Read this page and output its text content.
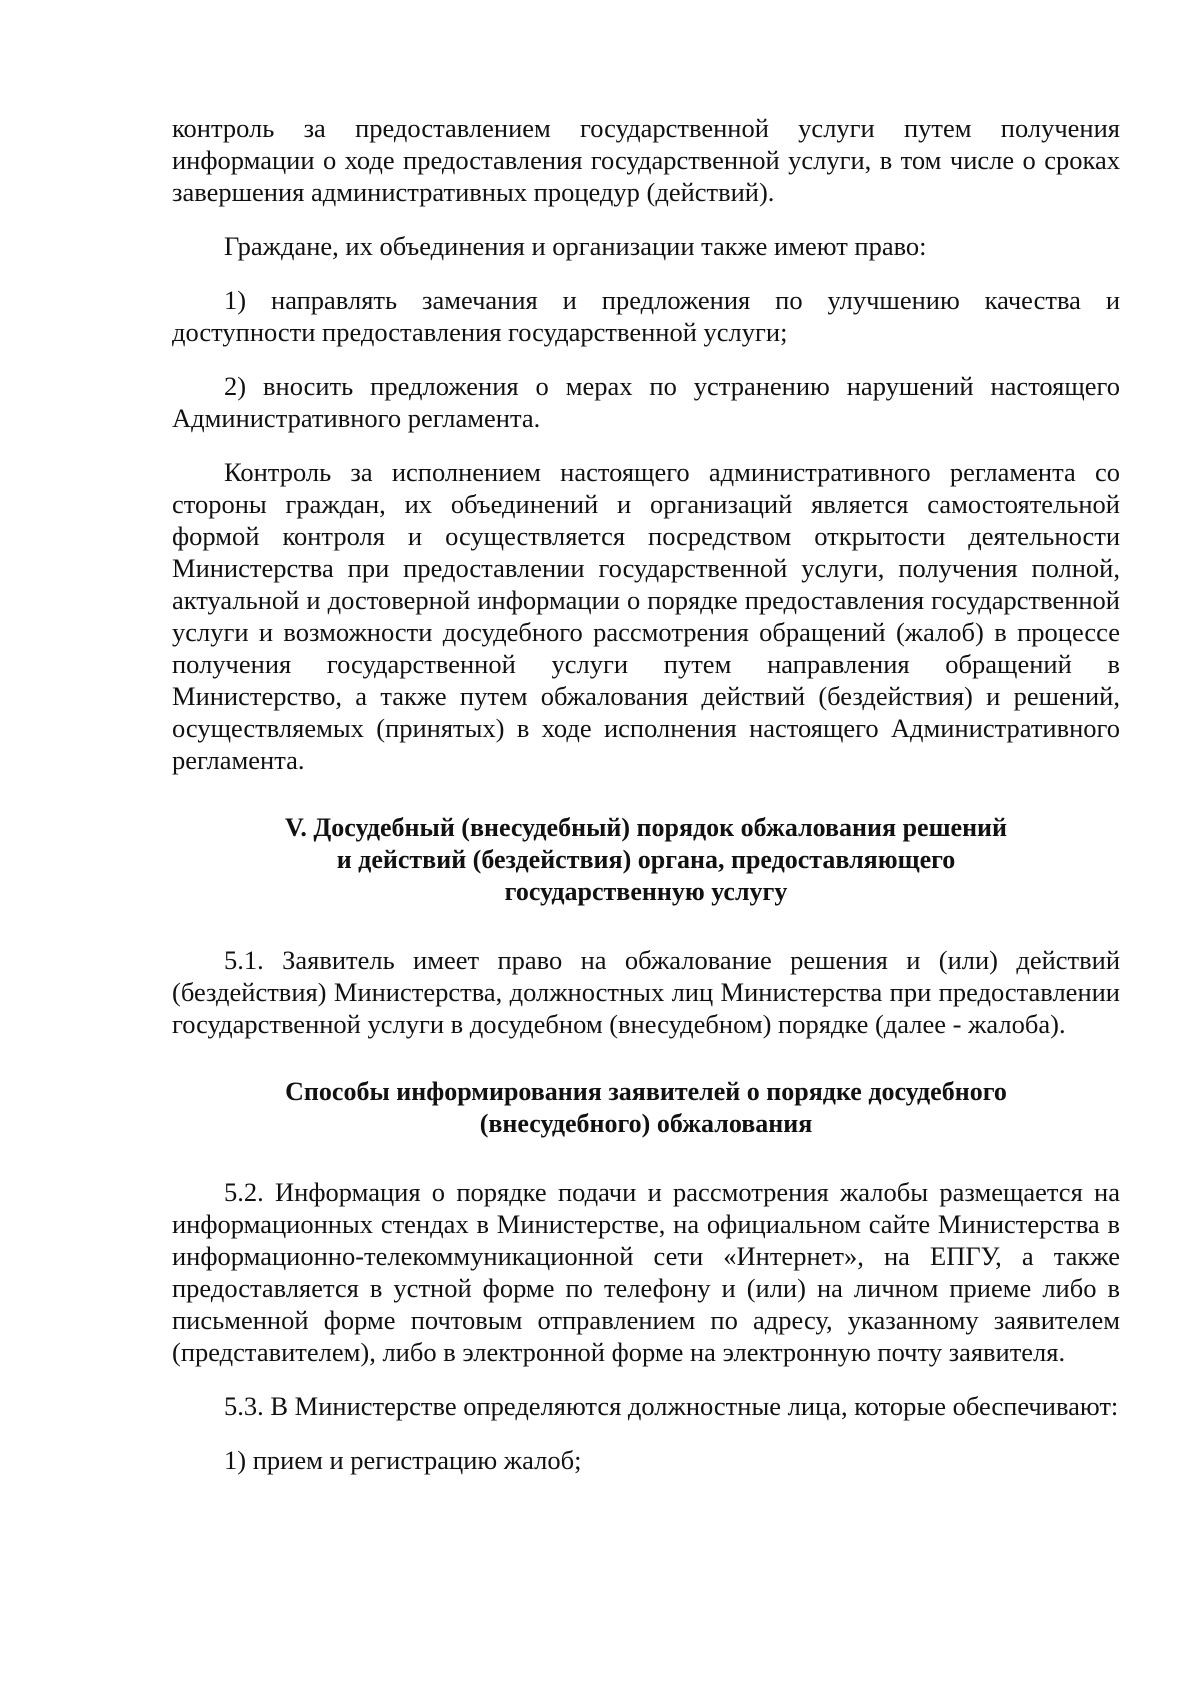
контроль за предоставлением государственной услуги путем получения информации о ходе предоставления государственной услуги, в том числе о сроках завершения административных процедур (действий).

Граждане, их объединения и организации также имеют право:

1) направлять замечания и предложения по улучшению качества и доступности предоставления государственной услуги;

2) вносить предложения о мерах по устранению нарушений настоящего Административного регламента.

Контроль за исполнением настоящего административного регламента со стороны граждан, их объединений и организаций является самостоятельной формой контроля и осуществляется посредством открытости деятельности Министерства при предоставлении государственной услуги, получения полной, актуальной и достоверной информации о порядке предоставления государственной услуги и возможности досудебного рассмотрения обращений (жалоб) в процессе получения государственной услуги путем направления обращений в Министерство, а также путем обжалования действий (бездействия) и решений, осуществляемых (принятых) в ходе исполнения настоящего Административного регламента.

V. Досудебный (внесудебный) порядок обжалования решений

и действий (бездействия) органа, предоставляющего

государственную услугу

5.1. Заявитель имеет право на обжалование решения и (или) действий (бездействия) Министерства, должностных лиц Министерства при предоставлении государственной услуги в досудебном (внесудебном) порядке (далее - жалоба).

Способы информирования заявителей о порядке досудебного

(внесудебного) обжалования

5.2. Информация о порядке подачи и рассмотрения жалобы размещается на информационных стендах в Министерстве, на официальном сайте Министерства в информационно-телекоммуникационной сети «Интернет», на ЕПГУ, а также предоставляется в устной форме по телефону и (или) на личном приеме либо в письменной форме почтовым отправлением по адресу, указанному заявителем (представителем), либо в электронной форме на электронную почту заявителя.

5.3. В Министерстве определяются должностные лица, которые обеспечивают:

1) прием и регистрацию жалоб;
